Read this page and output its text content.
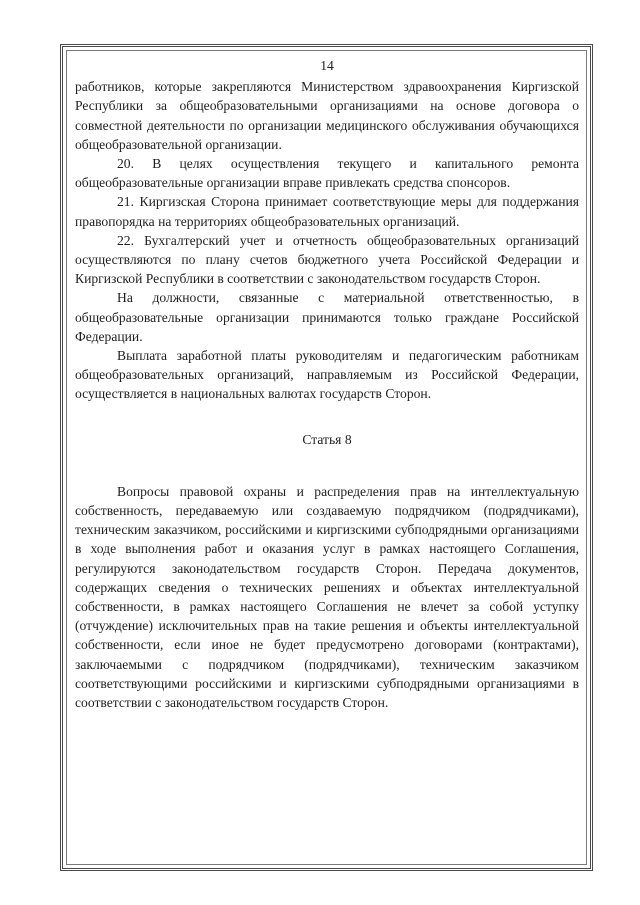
14

работников, которые закрепляются Министерством здравоохранения Киргизской Республики за общеобразовательными организациями на основе договора о совместной деятельности по организации медицинского обслуживания обучающихся общеобразовательной организации.

20. В целях осуществления текущего и капитального ремонта общеобразовательные организации вправе привлекать средства спонсоров.

21. Киргизская Сторона принимает соответствующие меры для поддержания правопорядка на территориях общеобразовательных организаций.

22. Бухгалтерский учет и отчетность общеобразовательных организаций осуществляются по плану счетов бюджетного учета Российской Федерации и Киргизской Республики в соответствии с законодательством государств Сторон.

На должности, связанные с материальной ответственностью, в общеобразовательные организации принимаются только граждане Российской Федерации.

Выплата заработной платы руководителям и педагогическим работникам общеобразовательных организаций, направляемым из Российской Федерации, осуществляется в национальных валютах государств Сторон.

Статья 8

Вопросы правовой охраны и распределения прав на интеллектуальную собственность, передаваемую или создаваемую подрядчиком (подрядчиками), техническим заказчиком, российскими и киргизскими субподрядными организациями в ходе выполнения работ и оказания услуг в рамках настоящего Соглашения, регулируются законодательством государств Сторон. Передача документов, содержащих сведения о технических решениях и объектах интеллектуальной собственности, в рамках настоящего Соглашения не влечет за собой уступку (отчуждение) исключительных прав на такие решения и объекты интеллектуальной собственности, если иное не будет предусмотрено договорами (контрактами), заключаемыми с подрядчиком (подрядчиками), техническим заказчиком соответствующими российскими и киргизскими субподрядными организациями в соответствии с законодательством государств Сторон.
